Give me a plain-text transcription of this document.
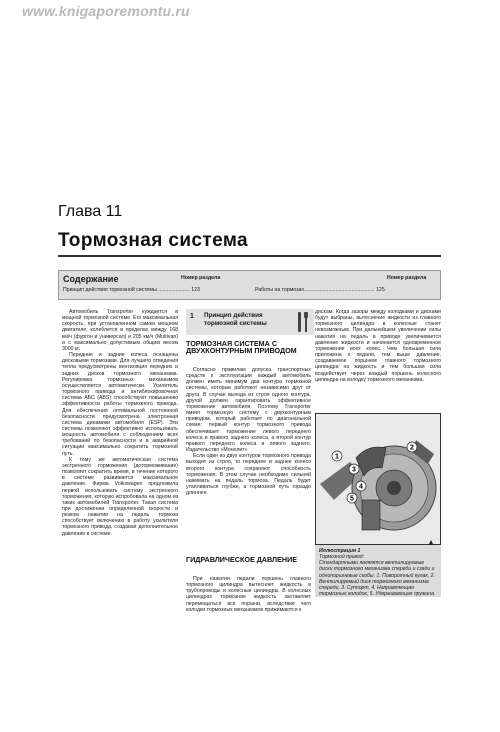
www.knigaporemontu.ru
Глава 11
Тормозная система
Содержание	Номер раздела	Номер раздела
Принцип действия тормозной системы ...................... 123	Работы на тормозах................................................. 125

Автомобиль Transporter нуждается в мощной тормозной системе. Его максимальная скорость, при установленном самом мощном двигателе, колеблется в пределах между 168 км/ч (фургон и универсал) и 205 км/ч (Multivan) и с максимально допустимым общим весом 3000 кг.

Передние и задние колеса оснащены дисковыми тормозами. Для лучшего отведения тепла предусмотрены вентиляция передних и задних дисков тормозного механизма. Регулировка тормозных механизмов осуществляется автоматически. Усилитель тормозного привода и антиблокировочная система АБС (ABS) способствуют повышению эффективности работы тормозного привода. Для обеспечения оптимальной постоянной безопасности предусмотрена электронная система динамики автомобиля (ESP). Эти системы позволяют эффективно использовать мощность автомобиля с соблюдением всех требований по безопасности и в аварийной ситуации максимально сократить тормозной путь.

К тому же автоматическая система экстренного торможения (доторможивание) позволяет сократить время, в течение которого в системе развивается максимальное давление. Фирма Volkswagen предложила первой использовать систему экстренного торможения, которую испробовала на одном из таких автомобилей Transporter. Такая система при достижении определенной скорости и резком нажатии на педаль тормоза способствует включению в работу усилителя тормозного привода, создавая дополнительное давление в системе.

1 Принцип действия тормозной системы
ТОРМОЗНАЯ СИСТЕМА С ДВУХКОНТУРНЫМ ПРИВОДОМ

Согласно правилам допуска транспортных средств к эксплуатации каждый автомобиль должен иметь минимум два контура тормозной системы, которые работают независимо друг от друга. В случае выхода из строя одного контура, другой должен гарантировать эффективное торможение автомобиля. Поэтому Transporter имеет тормозную систему с двухконтурным приводом, который работает по диагональной схеме: первый контур тормозного привода обеспечивает торможение левого переднего колеса и правого заднего колеса, а второй контур правого переднего колеса и левого заднего. Издательство «Монолит»

Если один из двух контуров тормозного привода выходит из строя, то переднее и заднее колесо второго контура сохраняют способность торможения. В этом случае необходимо сильней нажимать на педаль тормоза. Педаль будет утапливаться глубже, а тормозной путь гораздо длиннее.

ГИДРАВЛИЧЕСКОЕ ДАВЛЕНИЕ

При нажатии педали поршень главного тормозного цилиндра вытесняет жидкость в трубопроводы и колесные цилиндры. В колесных цилиндрах тормозная жидкость заставляет перемещаться все поршни, вследствие чего колодки тормозных механизмов прижимаются к

дискам. Когда зазоры между колодками и дисками будут выбраны, вытеснение жидкости из главного тормозного цилиндра в колесные станет невозможным. При дальнейшем увеличении силы нажатия на педаль в приводе увеличивается давление жидкости и начинается одновременное торможение всех колес. Чем большая сила приложена к педали, тем выше давление, создаваемое поршнем главного тормозного цилиндра на жидкость и тем большая сила воздействует через каждый поршень колесного цилиндра на колодку тормозного механизма.

1
2
3
4
5
Иллюстрация 1
Тормозной привод:
Стандартными являются вентилируемые диски тормозного механизма спереди и сзади и однопоршневые скобы. 1. Поворотный кулак, 2. Вентилируемый диск тормозного механизма спереди, 3. Суппорт, 4. Направляющая тормозных колодок, 5. Удерживающая пружина.
